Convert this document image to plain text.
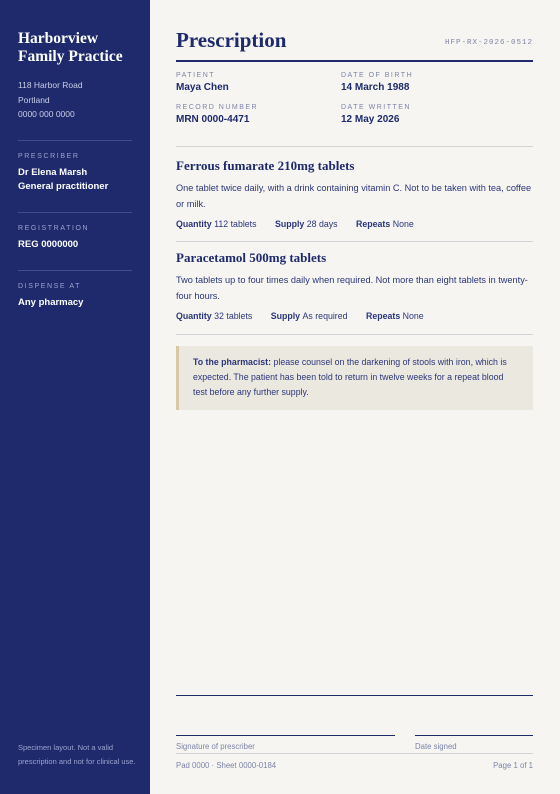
Harborview
Family Practice
118 Harbor Road
Portland
0000 000 0000
PRESCRIBER
Dr Elena Marsh
General practitioner
REGISTRATION
REG 0000000
DISPENSE AT
Any pharmacy
Specimen layout. Not a valid prescription and not for clinical use.
Prescription	HFP-RX-2026-0512
PATIENT
Maya Chen
DATE OF BIRTH
14 March 1988
RECORD NUMBER
MRN 0000-4471
DATE WRITTEN
12 May 2026
Ferrous fumarate 210mg tablets
One tablet twice daily, with a drink containing vitamin C. Not to be taken with tea, coffee or milk.
Quantity 112 tablets Supply 28 days Repeats None
Paracetamol 500mg tablets
Two tablets up to four times daily when required. Not more than eight tablets in twenty-four hours.
Quantity 32 tablets Supply As required Repeats None
To the pharmacist: please counsel on the darkening of stools with iron, which is expected. The patient has been told to return in twelve weeks for a repeat blood test before any further supply.
Signature of prescriber	Date signed
Pad 0000 · Sheet 0000-0184	Page 1 of 1
